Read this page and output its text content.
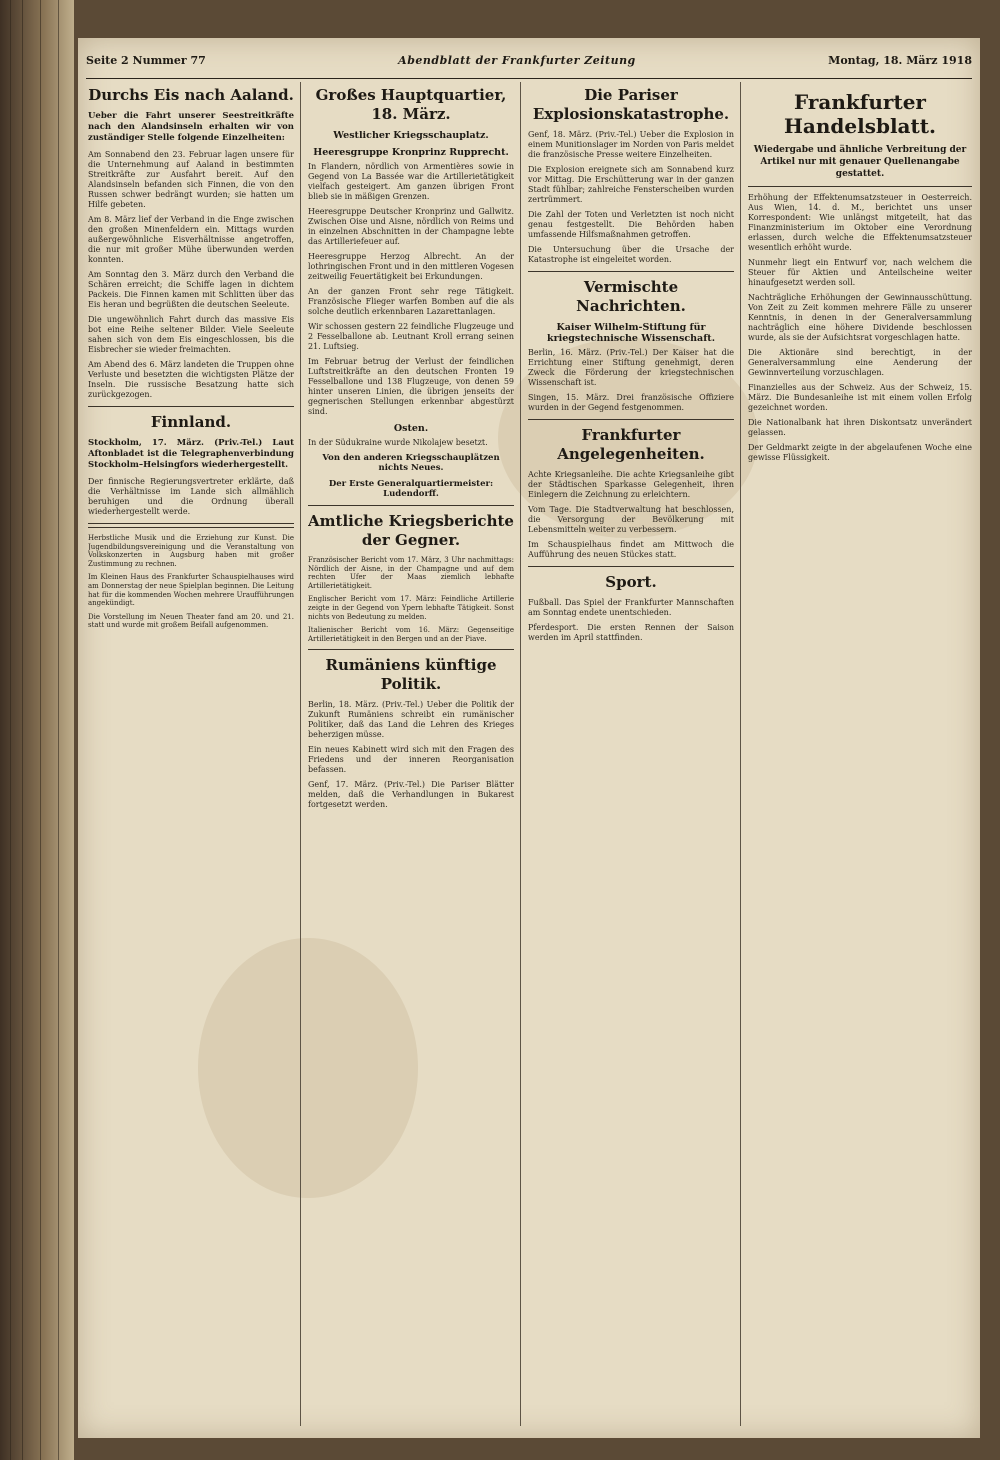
Seite 2 Nummer 77	Abendblatt der Frankfurter Zeitung	Montag, 18. März 1918
Durchs Eis nach Aaland.
Ueber die Fahrt unserer Seestreitkräfte nach den Alandsinseln erhalten wir von zuständiger Stelle folgende Einzelheiten:

Am Sonnabend den 23. Februar lagen unsere für die Unternehmung auf Aaland in bestimmten Streitkräfte zur Ausfahrt bereit. Auf den Alandsinseln befanden sich Finnen, die von den Russen schwer bedrängt wurden; sie hatten um Hilfe gebeten.

Am 8. März lief der Verband in die Enge zwischen den großen Minenfeldern ein. Mittags wurden außergewöhnliche Eisverhältnisse angetroffen, die nur mit großer Mühe überwunden werden konnten.

Am Sonntag den 3. März durch den Verband die Schären erreicht; die Schiffe lagen in dichtem Packeis. Die Finnen kamen mit Schlitten über das Eis heran und begrüßten die deutschen Seeleute.

Die ungewöhnlich Fahrt durch das massive Eis bot eine Reihe seltener Bilder. Viele Seeleute sahen sich von dem Eis eingeschlossen, bis die Eisbrecher sie wieder freimachten.

Am Abend des 6. März landeten die Truppen ohne Verluste und besetzten die wichtigsten Plätze der Inseln. Die russische Besatzung hatte sich zurückgezogen.

Finnland.
Stockholm, 17. März. (Priv.-Tel.) Laut Aftonbladet ist die Telegraphenverbindung Stockholm–Helsingfors wiederhergestellt.

Der finnische Regierungsvertreter erklärte, daß die Verhältnisse im Lande sich allmählich beruhigen und die Ordnung überall wiederhergestellt werde.

Herbstliche Musik und die Erziehung zur Kunst. Die Jugendbildungsvereinigung und die Veranstaltung von Volkskonzerten in Augsburg haben mit großer Zustimmung zu rechnen.

Im Kleinen Haus des Frankfurter Schauspielhauses wird am Donnerstag der neue Spielplan beginnen. Die Leitung hat für die kommenden Wochen mehrere Uraufführungen angekündigt.

Die Vorstellung im Neuen Theater fand am 20. und 21. statt und wurde mit großem Beifall aufgenommen.

Großes Hauptquartier, 18. März.
Westlicher Kriegsschauplatz.
Heeresgruppe Kronprinz Rupprecht.

In Flandern, nördlich von Armentières sowie in Gegend von La Bassée war die Artillerietätigkeit vielfach gesteigert. Am ganzen übrigen Front blieb sie in mäßigen Grenzen.

Heeresgruppe Deutscher Kronprinz und Gallwitz. Zwischen Oise und Aisne, nördlich von Reims und in einzelnen Abschnitten in der Champagne lebte das Artilleriefeuer auf.

Heeresgruppe Herzog Albrecht. An der lothringischen Front und in den mittleren Vogesen zeitweilig Feuertätigkeit bei Erkundungen.

An der ganzen Front sehr rege Tätigkeit. Französische Flieger warfen Bomben auf die als solche deutlich erkennbaren Lazarettanlagen.

Wir schossen gestern 22 feindliche Flugzeuge und 2 Fesselballone ab. Leutnant Kroll errang seinen 21. Luftsieg.

Im Februar betrug der Verlust der feindlichen Luftstreitkräfte an den deutschen Fronten 19 Fesselballone und 138 Flugzeuge, von denen 59 hinter unseren Linien, die übrigen jenseits der gegnerischen Stellungen erkennbar abgestürzt sind.

Osten.

In der Südukraine wurde Nikolajew besetzt.

Von den anderen Kriegsschauplätzen nichts Neues.
Der Erste Generalquartiermeister: Ludendorff.
Amtliche Kriegsberichte der Gegner.

Französischer Bericht vom 17. März, 3 Uhr nachmittags: Nördlich der Aisne, in der Champagne und auf dem rechten Ufer der Maas ziemlich lebhafte Artillerietätigkeit.

Englischer Bericht vom 17. März: Feindliche Artillerie zeigte in der Gegend von Ypern lebhafte Tätigkeit. Sonst nichts von Bedeutung zu melden.

Italienischer Bericht vom 16. März: Gegenseitige Artillerietätigkeit in den Bergen und an der Piave.

Rumäniens künftige Politik.

Berlin, 18. März. (Priv.-Tel.) Ueber die Politik der Zukunft Rumäniens schreibt ein rumänischer Politiker, daß das Land die Lehren des Krieges beherzigen müsse.

Ein neues Kabinett wird sich mit den Fragen des Friedens und der inneren Reorganisation befassen.

Genf, 17. März. (Priv.-Tel.) Die Pariser Blätter melden, daß die Verhandlungen in Bukarest fortgesetzt werden.

Die Pariser Explosionskatastrophe.

Genf, 18. März. (Priv.-Tel.) Ueber die Explosion in einem Munitionslager im Norden von Paris meldet die französische Presse weitere Einzelheiten.

Die Explosion ereignete sich am Sonnabend kurz vor Mittag. Die Erschütterung war in der ganzen Stadt fühlbar; zahlreiche Fensterscheiben wurden zertrümmert.

Die Zahl der Toten und Verletzten ist noch nicht genau festgestellt. Die Behörden haben umfassende Hilfsmaßnahmen getroffen.

Die Untersuchung über die Ursache der Katastrophe ist eingeleitet worden.

Vermischte Nachrichten.
Kaiser Wilhelm-Stiftung für kriegstechnische Wissenschaft.

Berlin, 16. März. (Priv.-Tel.) Der Kaiser hat die Errichtung einer Stiftung genehmigt, deren Zweck die Förderung der kriegstechnischen Wissenschaft ist.

Singen, 15. März. Drei französische Offiziere wurden in der Gegend festgenommen.

Frankfurter Angelegenheiten.

Achte Kriegsanleihe. Die achte Kriegsanleihe gibt der Städtischen Sparkasse Gelegenheit, ihren Einlegern die Zeichnung zu erleichtern.

Vom Tage. Die Stadtverwaltung hat beschlossen, die Versorgung der Bevölkerung mit Lebensmitteln weiter zu verbessern.

Im Schauspielhaus findet am Mittwoch die Aufführung des neuen Stückes statt.

Sport.

Fußball. Das Spiel der Frankfurter Mannschaften am Sonntag endete unentschieden.

Pferdesport. Die ersten Rennen der Saison werden im April stattfinden.

Frankfurter Handelsblatt.
Wiedergabe und ähnliche Verbreitung der Artikel nur mit genauer Quellenangabe gestattet.

Erhöhung der Effektenumsatzsteuer in Oesterreich. Aus Wien, 14. d. M., berichtet uns unser Korrespondent: Wie unlängst mitgeteilt, hat das Finanzministerium im Oktober eine Verordnung erlassen, durch welche die Effektenumsatzsteuer wesentlich erhöht wurde.

Nunmehr liegt ein Entwurf vor, nach welchem die Steuer für Aktien und Anteilscheine weiter hinaufgesetzt werden soll.

Nachträgliche Erhöhungen der Gewinnausschüttung. Von Zeit zu Zeit kommen mehrere Fälle zu unserer Kenntnis, in denen in der Generalversammlung nachträglich eine höhere Dividende beschlossen wurde, als sie der Aufsichtsrat vorgeschlagen hatte.

Die Aktionäre sind berechtigt, in der Generalversammlung eine Aenderung der Gewinnverteilung vorzuschlagen.

Finanzielles aus der Schweiz. Aus der Schweiz, 15. März. Die Bundesanleihe ist mit einem vollen Erfolg gezeichnet worden.

Die Nationalbank hat ihren Diskontsatz unverändert gelassen.

Der Geldmarkt zeigte in der abgelaufenen Woche eine gewisse Flüssigkeit.
